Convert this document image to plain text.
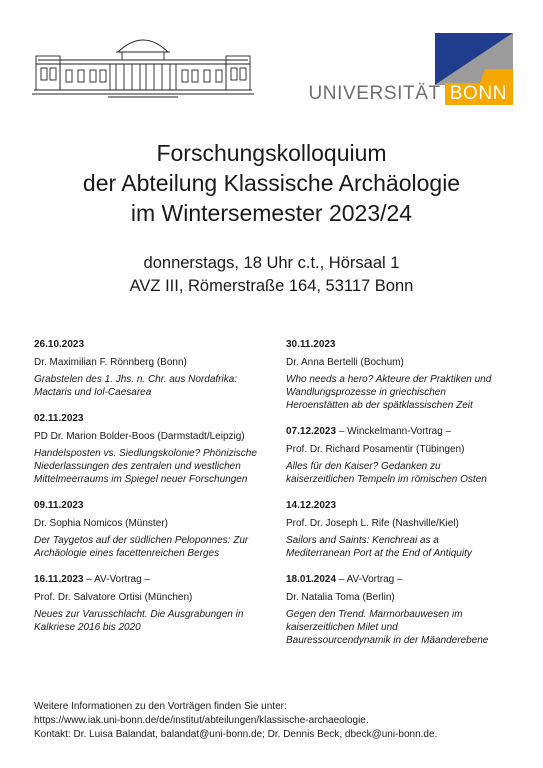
UNIVERSITÄT BONN
Forschungskolloquium
der Abteilung Klassische Archäologie
im Wintersemester 2023/24
donnerstags, 18 Uhr c.t., Hörsaal 1
AVZ III, Römerstraße 164, 53117 Bonn
26.10.2023
Dr. Maximilian F. Rönnberg (Bonn)
Grabstelen des 1. Jhs. n. Chr. aus Nordafrika:
Mactaris und Iol-Caesarea
02.11.2023
PD Dr. Marion Bolder-Boos (Darmstadt/Leipzig)
Handelsposten vs. Siedlungskolonie? Phönizische
Niederlassungen des zentralen und westlichen
Mittelmeerraums im Spiegel neuer Forschungen
09.11.2023
Dr. Sophia Nomicos (Münster)
Der Taygetos auf der südlichen Peloponnes: Zur
Archäologie eines facettenreichen Berges
16.11.2023 – AV-Vortrag –
Prof. Dr. Salvatore Ortisi (München)
Neues zur Varusschlacht. Die Ausgrabungen in
Kalkriese 2016 bis 2020
30.11.2023
Dr. Anna Bertelli (Bochum)
Who needs a hero? Akteure der Praktiken und
Wandlungsprozesse in griechischen
Heroenstätten ab der spätklassischen Zeit
07.12.2023 – Winckelmann-Vortrag –
Prof. Dr. Richard Posamentir (Tübingen)
Alles für den Kaiser? Gedanken zu
kaiserzeitlichen Tempeln im römischen Osten
14.12.2023
Prof. Dr. Joseph L. Rife (Nashville/Kiel)
Sailors and Saints: Kenchreai as a
Mediterranean Port at the End of Antiquity
18.01.2024 – AV-Vortrag –
Dr. Natalia Toma (Berlin)
Gegen den Trend. Marmorbauwesen im
kaiserzeitlichen Milet und
Bauressourcendynamik in der Mäanderebene
Weitere Informationen zu den Vorträgen finden Sie unter:
https://www.iak.uni-bonn.de/de/institut/abteilungen/klassische-archaeologie.
Kontakt: Dr. Luisa Balandat, balandat@uni-bonn.de; Dr. Dennis Beck, dbeck@uni-bonn.de.
